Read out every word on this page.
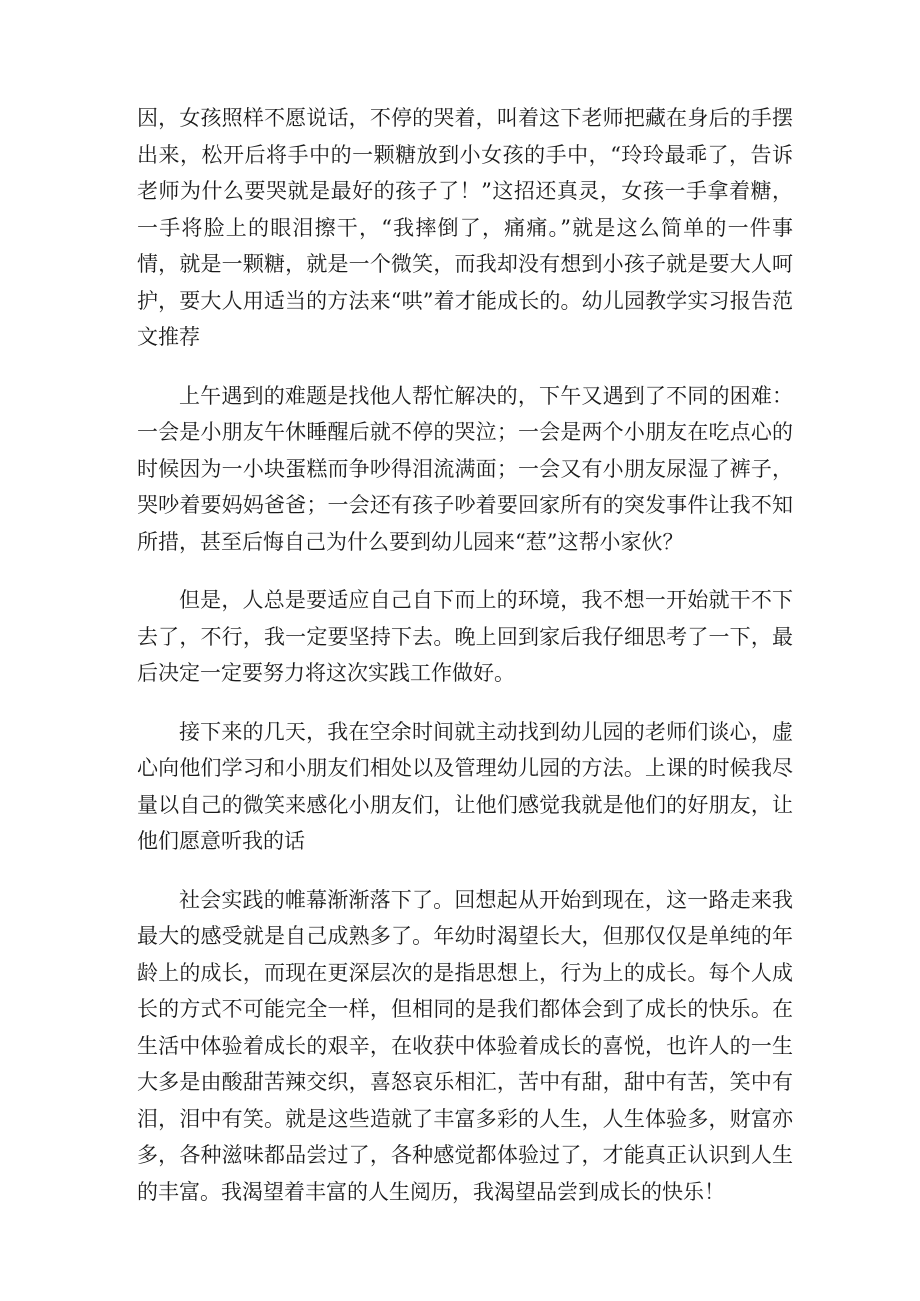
因，女孩照样不愿说话，不停的哭着，叫着这下老师把藏在身后的手摆出来，松开后将手中的一颗糖放到小女孩的手中，“玲玲最乖了，告诉老师为什么要哭就是最好的孩子了！”这招还真灵，女孩一手拿着糖，一手将脸上的眼泪擦干，“我摔倒了，痛痛。”就是这么简单的一件事情，就是一颗糖，就是一个微笑，而我却没有想到小孩子就是要大人呵护，要大人用适当的方法来“哄”着才能成长的。幼儿园教学实习报告范文推荐

上午遇到的难题是找他人帮忙解决的，下午又遇到了不同的困难：一会是小朋友午休睡醒后就不停的哭泣；一会是两个小朋友在吃点心的时候因为一小块蛋糕而争吵得泪流满面；一会又有小朋友尿湿了裤子，哭吵着要妈妈爸爸；一会还有孩子吵着要回家所有的突发事件让我不知所措，甚至后悔自己为什么要到幼儿园来“惹”这帮小家伙？

但是，人总是要适应自己自下而上的环境，我不想一开始就干不下去了，不行，我一定要坚持下去。晚上回到家后我仔细思考了一下，最后决定一定要努力将这次实践工作做好。

接下来的几天，我在空余时间就主动找到幼儿园的老师们谈心，虚心向他们学习和小朋友们相处以及管理幼儿园的方法。上课的时候我尽量以自己的微笑来感化小朋友们，让他们感觉我就是他们的好朋友，让他们愿意听我的话

社会实践的帷幕渐渐落下了。回想起从开始到现在，这一路走来我最大的感受就是自己成熟多了。年幼时渴望长大，但那仅仅是单纯的年龄上的成长，而现在更深层次的是指思想上，行为上的成长。每个人成长的方式不可能完全一样，但相同的是我们都体会到了成长的快乐。在生活中体验着成长的艰辛，在收获中体验着成长的喜悦，也许人的一生大多是由酸甜苦辣交织，喜怒哀乐相汇，苦中有甜，甜中有苦，笑中有泪，泪中有笑。就是这些造就了丰富多彩的人生，人生体验多，财富亦多，各种滋味都品尝过了，各种感觉都体验过了，才能真正认识到人生的丰富。我渴望着丰富的人生阅历，我渴望品尝到成长的快乐！
